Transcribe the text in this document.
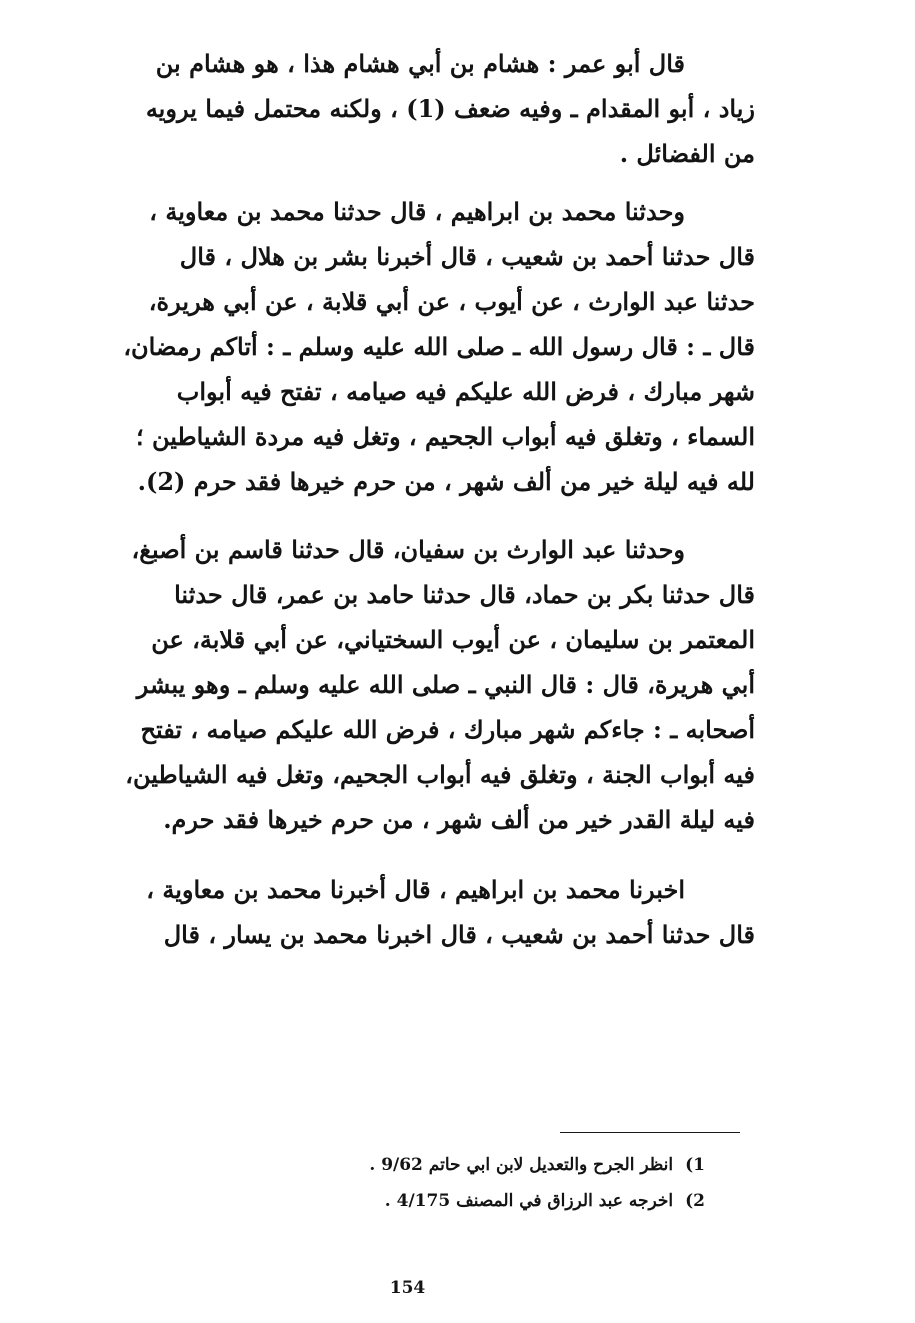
قال أبو عمر : هشام بن أبي هشام هذا ، هو هشام بن
زياد ، أبو المقدام ـ وفيه ضعف (1) ، ولكنه محتمل فيما يرويه
من الفضائل .
وحدثنا محمد بن ابراهيم ، قال حدثنا محمد بن معاوية ،
قال حدثنا أحمد بن شعيب ، قال أخبرنا بشر بن هلال ، قال
حدثنا عبد الوارث ، عن أيوب ، عن أبي قلابة ، عن أبي هريرة،
قال ـ : قال رسول الله ـ صلى الله عليه وسلم ـ : أتاكم رمضان،
شهر مبارك ، فرض الله عليكم فيه صيامه ، تفتح فيه أبواب
السماء ، وتغلق فيه أبواب الجحيم ، وتغل فيه مردة الشياطين ؛
لله فيه ليلة خير من ألف شهر ، من حرم خيرها فقد حرم (2).
وحدثنا عبد الوارث بن سفيان، قال حدثنا قاسم بن أصبغ،
قال حدثنا بكر بن حماد، قال حدثنا حامد بن عمر، قال حدثنا
المعتمر بن سليمان ، عن أيوب السختياني، عن أبي قلابة، عن
أبي هريرة، قال : قال النبي ـ صلى الله عليه وسلم ـ وهو يبشر
أصحابه ـ : جاءكم شهر مبارك ، فرض الله عليكم صيامه ، تفتح
فيه أبواب الجنة ، وتغلق فيه أبواب الجحيم، وتغل فيه الشياطين،
فيه ليلة القدر خير من ألف شهر ، من حرم خيرها فقد حرم.
اخبرنا محمد بن ابراهيم ، قال أخبرنا محمد بن معاوية ،
قال حدثنا أحمد بن شعيب ، قال اخبرنا محمد بن يسار ، قال
1)انظر الجرح والتعديل لابن ابي حاتم 9/62 .
2)اخرجه عبد الرزاق في المصنف 4/175 .
154
